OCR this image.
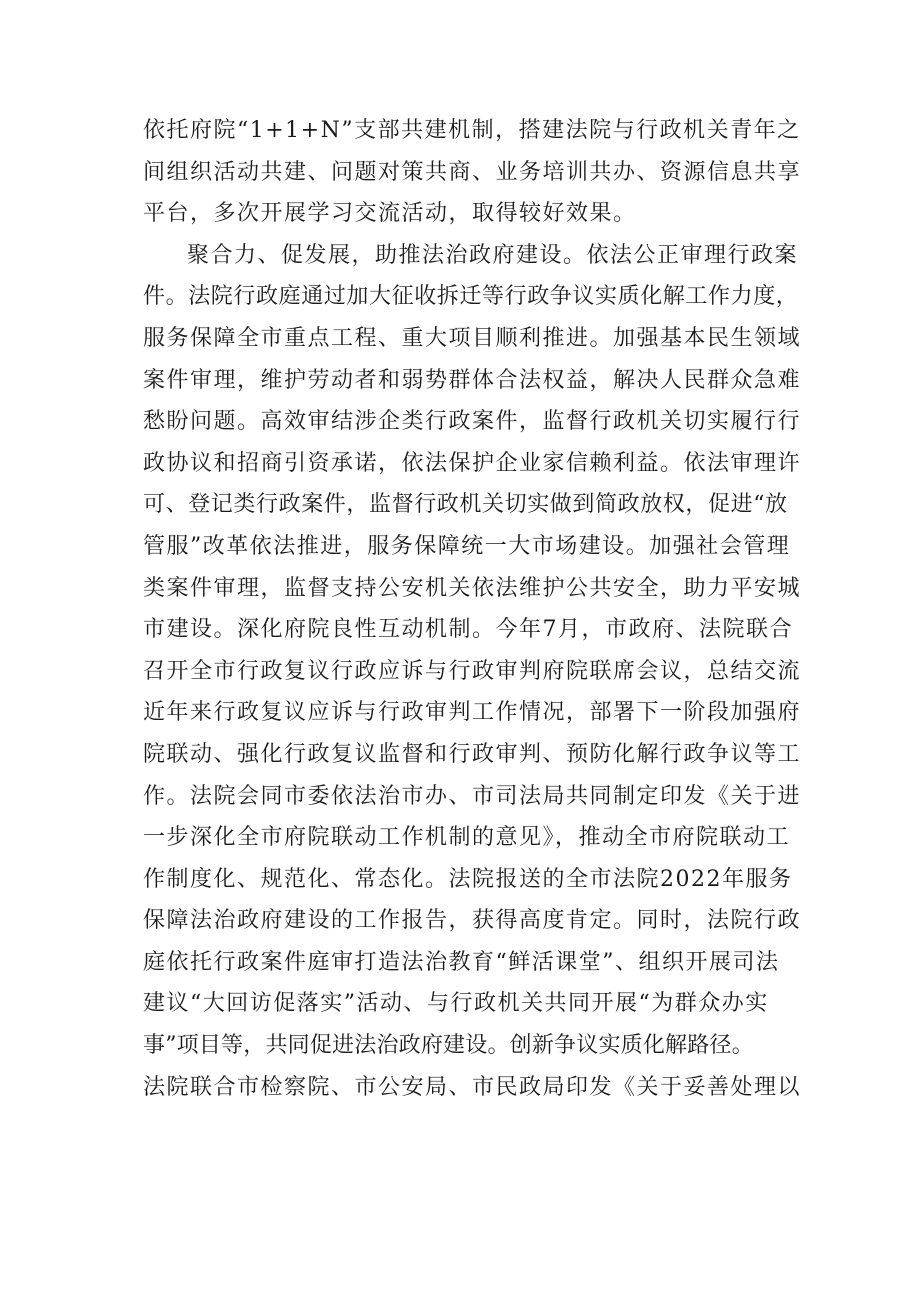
依托府院“1+1+N”支部共建机制，搭建法院与行政机关青年之
间组织活动共建、问题对策共商、业务培训共办、资源信息共享
平台，多次开展学习交流活动，取得较好效果。
聚合力、促发展，助推法治政府建设。依法公正审理行政案
件。法院行政庭通过加大征收拆迁等行政争议实质化解工作力度，
服务保障全市重点工程、重大项目顺利推进。加强基本民生领域
案件审理，维护劳动者和弱势群体合法权益，解决人民群众急难
愁盼问题。高效审结涉企类行政案件，监督行政机关切实履行行
政协议和招商引资承诺，依法保护企业家信赖利益。依法审理许
可、登记类行政案件，监督行政机关切实做到简政放权，促进“放
管服”改革依法推进，服务保障统一大市场建设。加强社会管理
类案件审理，监督支持公安机关依法维护公共安全，助力平安城
市建设。深化府院良性互动机制。今年7月，市政府、法院联合
召开全市行政复议行政应诉与行政审判府院联席会议，总结交流
近年来行政复议应诉与行政审判工作情况，部署下一阶段加强府
院联动、强化行政复议监督和行政审判、预防化解行政争议等工
作。法院会同市委依法治市办、市司法局共同制定印发《关于进
一步深化全市府院联动工作机制的意见》，推动全市府院联动工
作制度化、规范化、常态化。法院报送的全市法院2022年服务
保障法治政府建设的工作报告，获得高度肯定。同时，法院行政
庭依托行政案件庭审打造法治教育“鲜活课堂”、组织开展司法
建议“大回访促落实”活动、与行政机关共同开展“为群众办实
事”项目等，共同促进法治政府建设。创新争议实质化解路径。
法院联合市检察院、市公安局、市民政局印发《关于妥善处理以
